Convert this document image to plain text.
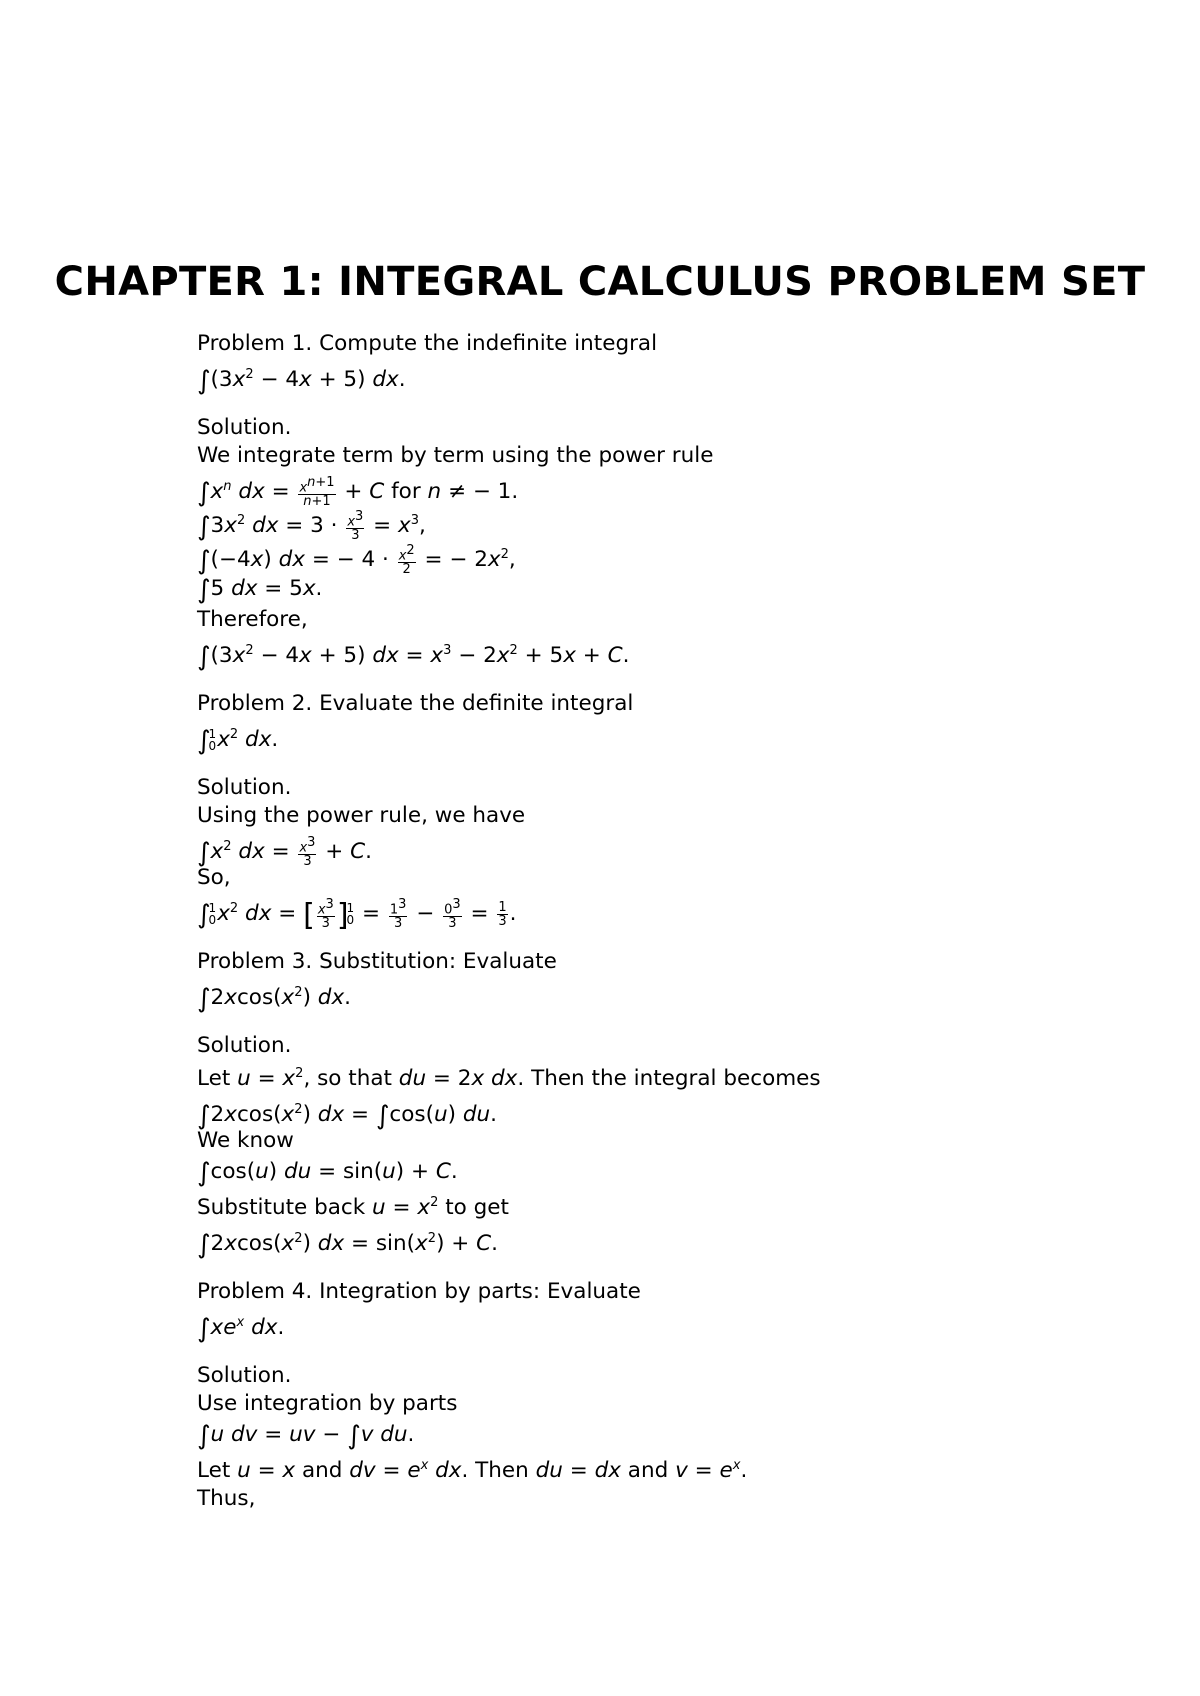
CHAPTER 1: INTEGRAL CALCULUS PROBLEM SET
Problem 1. Compute the indefinite integral
$\int(3x^2 - 4x + 5)$ dx.
Solution.
We integrate term by term using the power rule
$\int x^n$ dx = $\frac{x^{n+1}}{n+1} + C$ for n ≠ − 1.
$\int 3x^2$ dx = $3 \cdot \frac{x^3}{3} = x^3$,
∫(−4x) dx = − $4 \cdot \frac{x^2}{2}$ = − $2x^2$,
∫5 dx = 5x.
Therefore,
$\int(3x^2 - 4x + 5)$ dx = $x^3 - 2x^2 + 5x + C$.
Problem 2. Evaluate the definite integral
∫
1
0 $x^2$ dx.
Solution.
Using the power rule, we have
$\int x^2$ dx = $\frac{x^3}{3} + C$.
So,
∫
1
0 $x^2$ dx = [ $\frac{x^3}{3}$ ]
1
$0 = \frac{1^3}{3} - \frac{0^3}{3} = \frac{1}{3}$ .
Problem 3. Substitution: Evaluate
$\int 2xcos(x^2)$ dx.
Solution.
Let $u = x^2$, so that du = 2x dx. Then the integral becomes
$\int 2xcos(x^2)$ dx = ∫cos(u) du.
We know
∫cos(u) du = sin(u) + C.
Substitute back $u = x^2$ to get
$\int 2xcos(x^2)$ dx = $\sin(x^2) + C$.
Problem 4. Integration by parts: Evaluate
$\int xe^x$ dx.
Solution.
Use integration by parts
∫u dv = uv − ∫v du.
Let u = x and dv = $e^x$ dx. Then du = dx and $v = e^x$.
Thus,
